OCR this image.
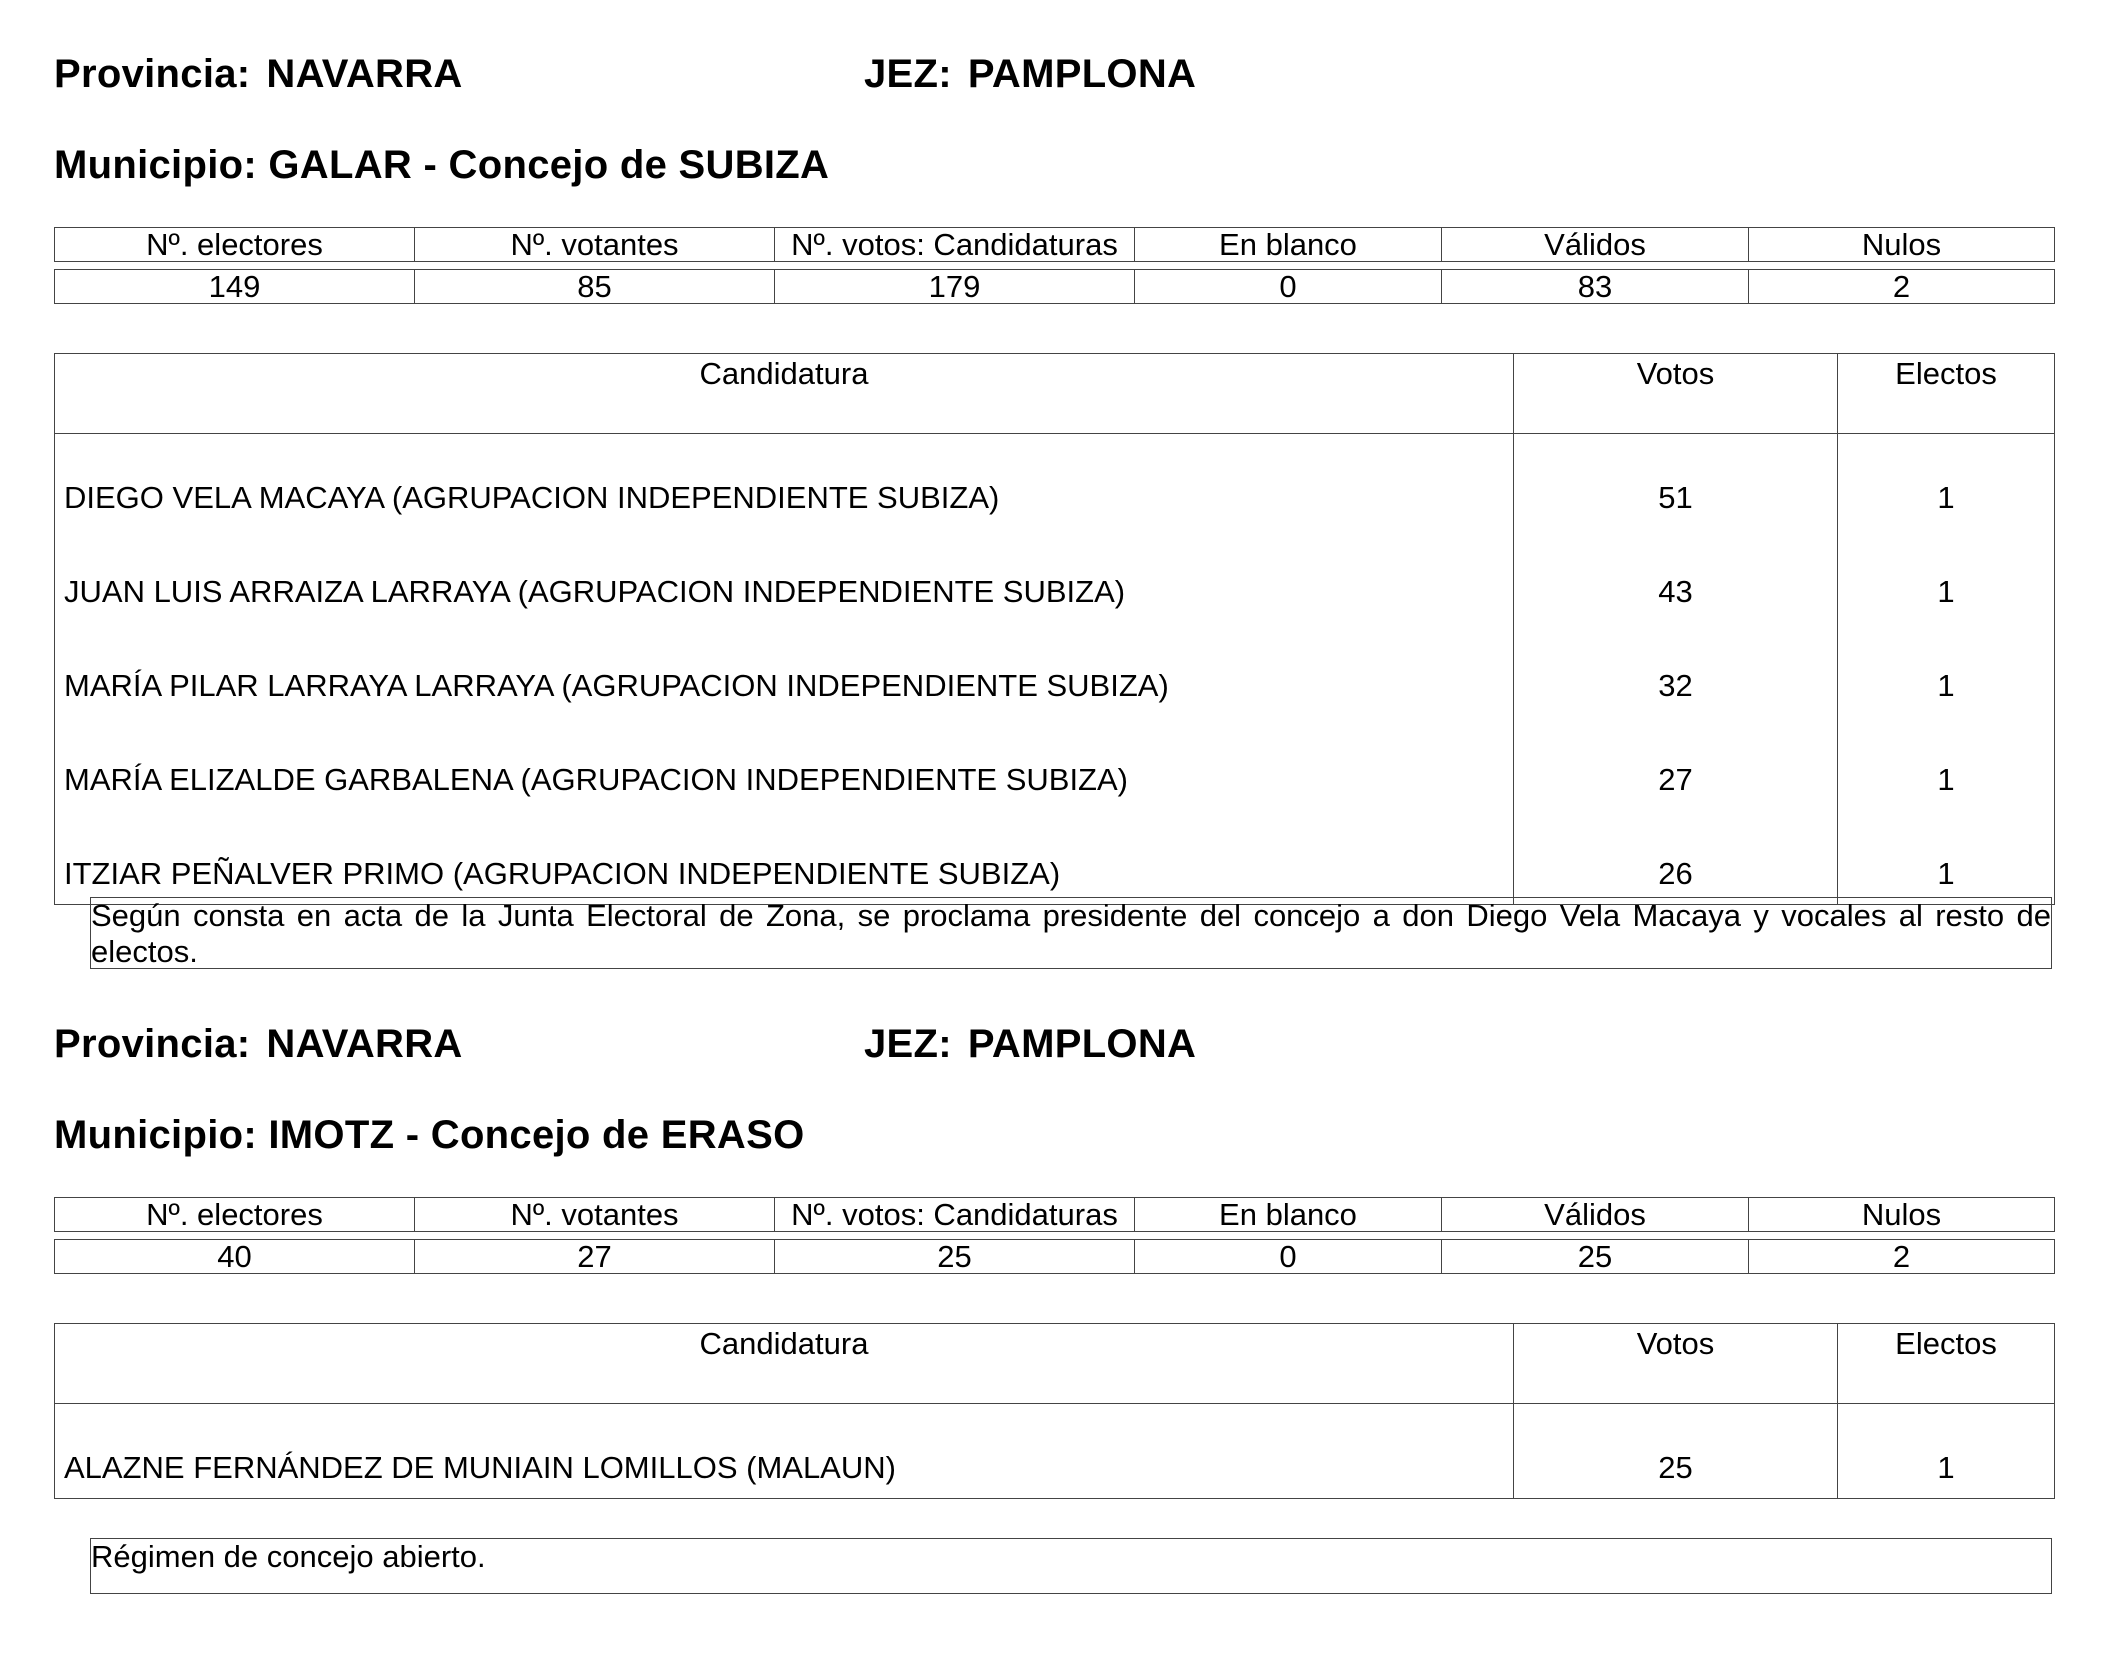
Provincia: NAVARRA	JEZ: PAMPLONA
Municipio: GALAR - Concejo de SUBIZA
Nº. electores	Nº. votantes	Nº. votos: Candidaturas	En blanco	Válidos	Nulos

149	85	179	0	83	2
Candidatura	Votos	Electos
DIEGO VELA MACAYA (AGRUPACION INDEPENDIENTE SUBIZA)	51	1
JUAN LUIS ARRAIZA LARRAYA (AGRUPACION INDEPENDIENTE SUBIZA)	43	1
MARÍA PILAR LARRAYA LARRAYA (AGRUPACION INDEPENDIENTE SUBIZA)	32	1
MARÍA ELIZALDE GARBALENA (AGRUPACION INDEPENDIENTE SUBIZA)	27	1
ITZIAR PEÑALVER PRIMO (AGRUPACION INDEPENDIENTE SUBIZA)	26	1
Según consta en acta de la Junta Electoral de Zona, se proclama presidente del concejo a don Diego Vela Macaya y vocales al resto de electos.
Provincia: NAVARRA	JEZ: PAMPLONA
Municipio: IMOTZ - Concejo de ERASO
Nº. electores	Nº. votantes	Nº. votos: Candidaturas	En blanco	Válidos	Nulos

40	27	25	0	25	2
Candidatura	Votos	Electos
ALAZNE FERNÁNDEZ DE MUNIAIN LOMILLOS (MALAUN)	25	1
Régimen de concejo abierto.
